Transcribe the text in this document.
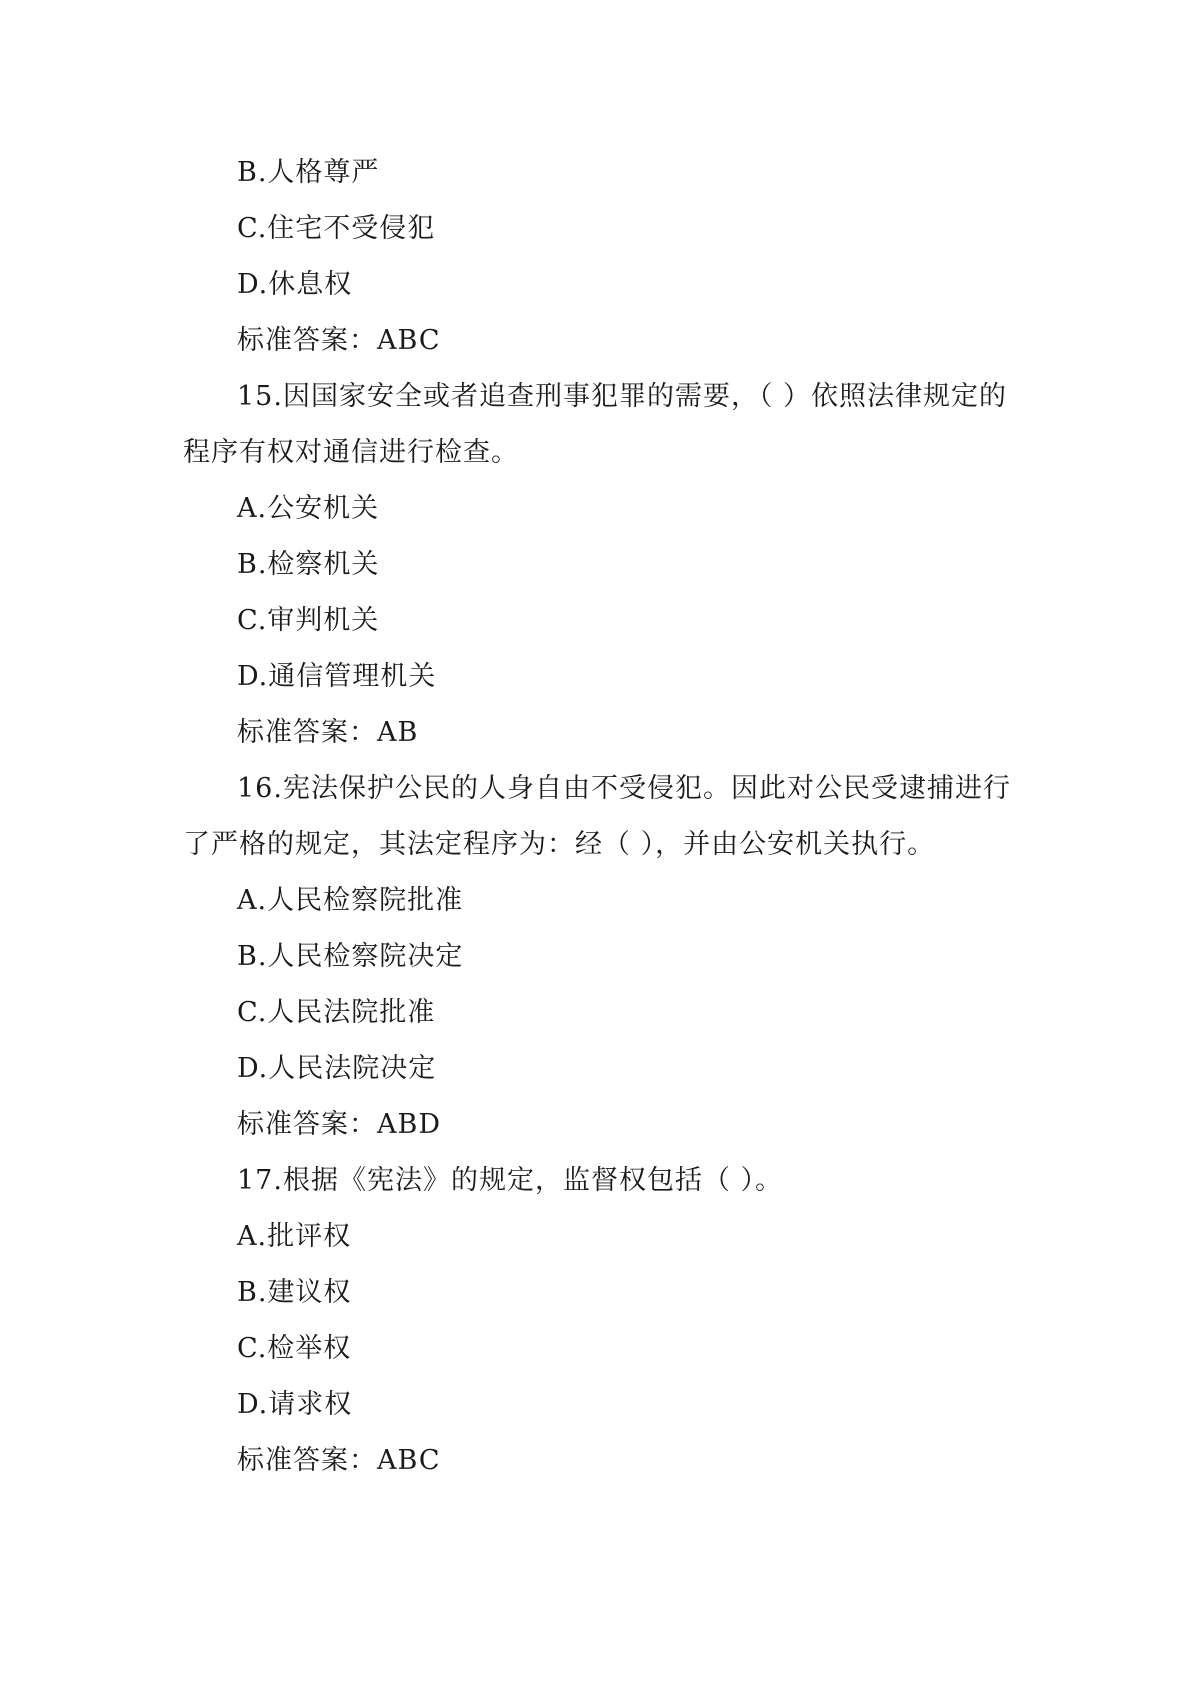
B.人格尊严
C.住宅不受侵犯
D.休息权
标准答案：ABC
15.因国家安全或者追查刑事犯罪的需要，（ ）依照法律规定的
程序有权对通信进行检查。
A.公安机关
B.检察机关
C.审判机关
D.通信管理机关
标准答案：AB
16.宪法保护公民的人身自由不受侵犯。因此对公民受逮捕进行
了严格的规定，其法定程序为：经（ ），并由公安机关执行。
A.人民检察院批准
B.人民检察院决定
C.人民法院批准
D.人民法院决定
标准答案：ABD
17.根据《宪法》的规定，监督权包括（ ）。
A.批评权
B.建议权
C.检举权
D.请求权
标准答案：ABC
